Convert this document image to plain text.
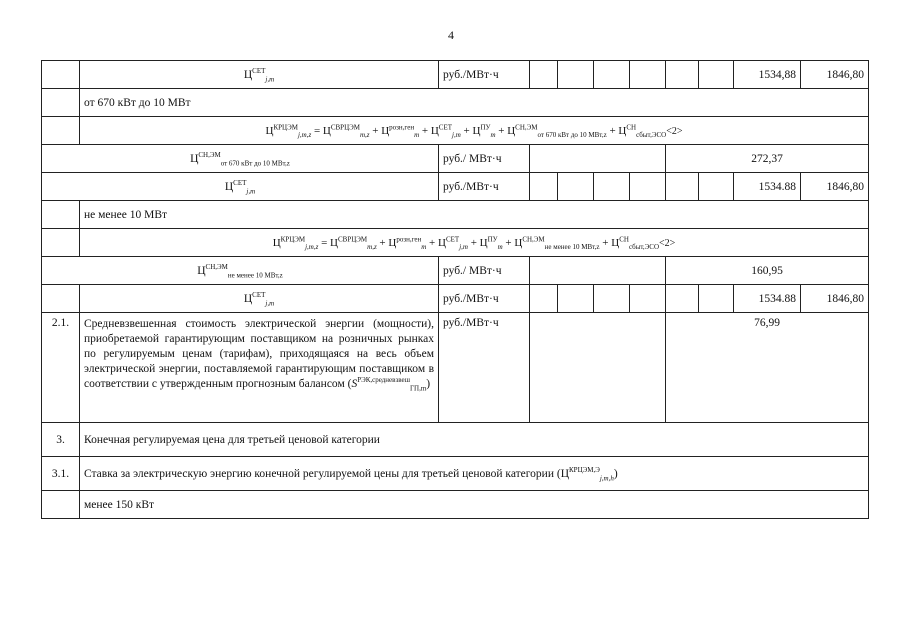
4
	$Ц^{СЕТ}_{j,m}$	руб./МВт·ч							1534,88	1846,80
	от 670 кВт до 10 МВт									
	$Ц^{КРЦЭМ}_{j,m,z} = Ц^{СВРЦЭМ}_{m,z} + Ц^{розн,ген}_m + Ц^{СЕТ}_{j,m} + Ц^{ПУ}_m + Ц^{СН,ЭМ}_{от 670 кВт до 10 МВт,z} + Ц^{СН}_{сбыт,ЭСО}<2>$									
$Ц^{СН,ЭМ}_{от 670 кВт до 10 МВт,z}$		руб./ МВт·ч					272,37			
$Ц^{СЕТ}_{j,m}$		руб./МВт·ч							1534.88	1846,80
	не менее 10 МВт									
	$Ц^{КРЦЭМ}_{j,m,z} = Ц^{СВРЦЭМ}_{m,z} + Ц^{розн,ген}_m + Ц^{СЕТ}_{j,m} + Ц^{ПУ}_m + Ц^{СН,ЭМ}_{не менее 10 МВт,z} + Ц^{СН}_{сбыт,ЭСО}<2>$									
$Ц^{СН,ЭМ}_{не менее 10 МВт,z}$		руб./ МВт·ч					160,95			
	$Ц^{СЕТ}_{j,m}$	руб./МВт·ч							1534.88	1846,80
2.1.	Средневзвешенная стоимость электрической энергии (мощности), приобретаемой гарантирующим поставщиком на розничных рынках по регулируемым ценам (тарифам), приходящаяся на весь объем электрической энергии, поставляемой гарантирующим поставщиком в соответствии с утвержденным прогнозным балансом $(S^{РЭК,средневзвеш}_{ГП,m})$	руб./МВт·ч					76,99			
3.	Конечная регулируемая цена для третьей ценовой категории									
3.1.	Ставка за электрическую энергию конечной регулируемой цены для третьей ценовой категории $(Ц^{КРЦЭМ,Э}_{j,m,h})$									
	менее 150 кВт									
